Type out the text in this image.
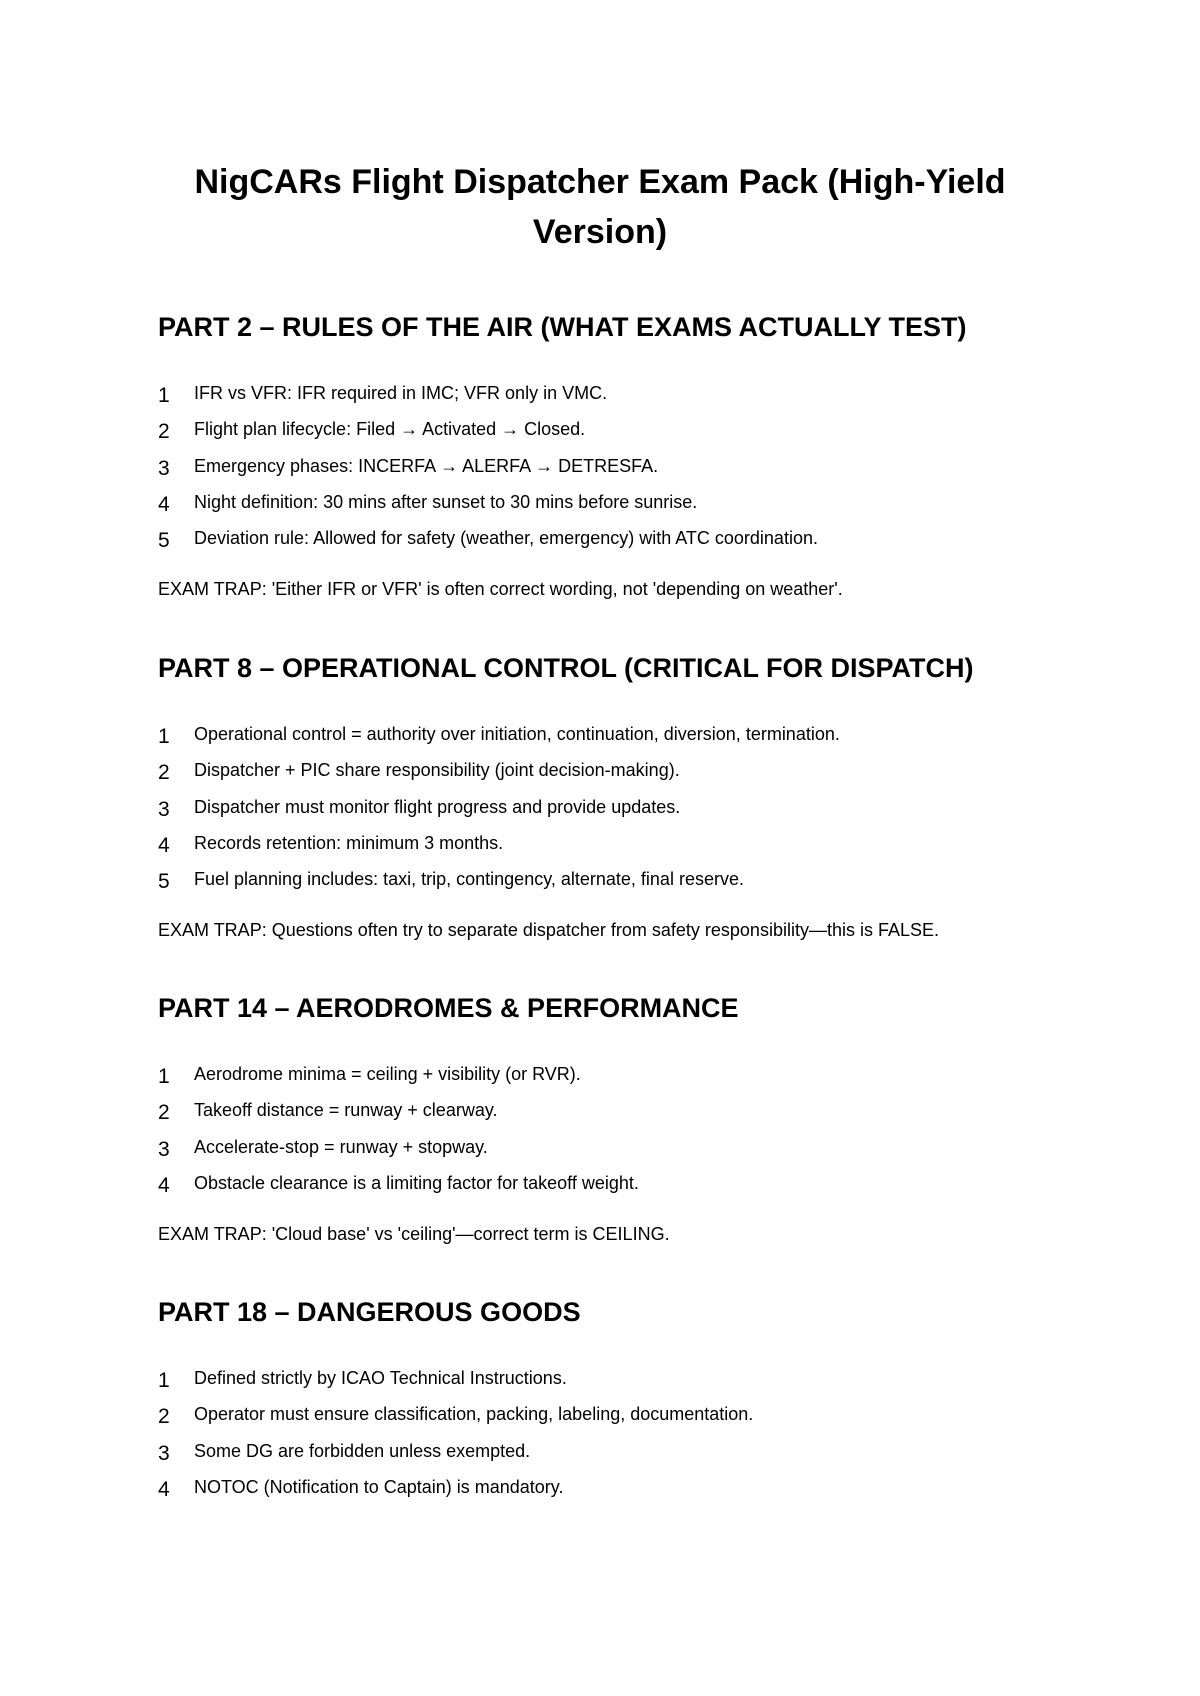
NigCARs Flight Dispatcher Exam Pack (High-Yield Version)
PART 2 – RULES OF THE AIR (WHAT EXAMS ACTUALLY TEST)
1 IFR vs VFR: IFR required in IMC; VFR only in VMC.
2 Flight plan lifecycle: Filed → Activated → Closed.
3 Emergency phases: INCERFA → ALERFA → DETRESFA.
4 Night definition: 30 mins after sunset to 30 mins before sunrise.
5 Deviation rule: Allowed for safety (weather, emergency) with ATC coordination.

EXAM TRAP: 'Either IFR or VFR' is often correct wording, not 'depending on weather'.

PART 8 – OPERATIONAL CONTROL (CRITICAL FOR DISPATCH)
1 Operational control = authority over initiation, continuation, diversion, termination.
2 Dispatcher + PIC share responsibility (joint decision-making).
3 Dispatcher must monitor flight progress and provide updates.
4 Records retention: minimum 3 months.
5 Fuel planning includes: taxi, trip, contingency, alternate, final reserve.

EXAM TRAP: Questions often try to separate dispatcher from safety responsibility—this is FALSE.

PART 14 – AERODROMES & PERFORMANCE
1 Aerodrome minima = ceiling + visibility (or RVR).
2 Takeoff distance = runway + clearway.
3 Accelerate-stop = runway + stopway.
4 Obstacle clearance is a limiting factor for takeoff weight.

EXAM TRAP: 'Cloud base' vs 'ceiling'—correct term is CEILING.

PART 18 – DANGEROUS GOODS
1 Defined strictly by ICAO Technical Instructions.
2 Operator must ensure classification, packing, labeling, documentation.
3 Some DG are forbidden unless exempted.
4 NOTOC (Notification to Captain) is mandatory.
